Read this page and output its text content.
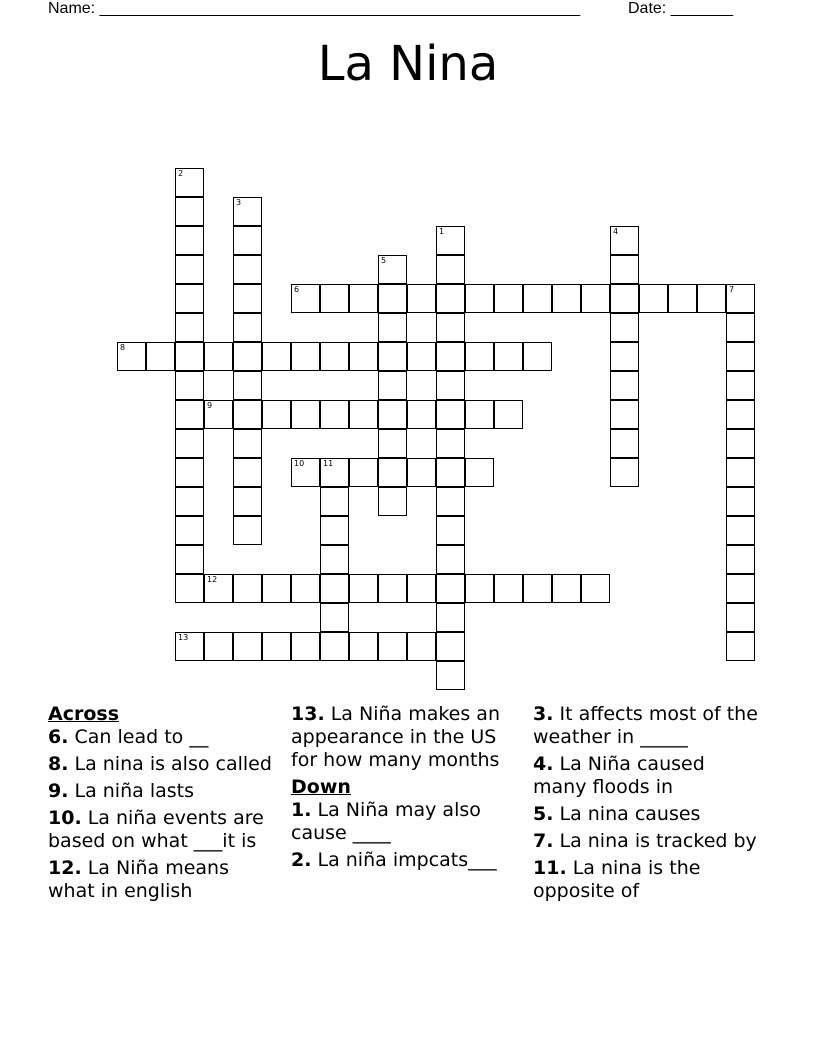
Name: ______________________________________________________	Date: _______
La Nina
1
2
3
4
5
6	7
8
9
10 11
12
13

Across

6. Can lead to __

8. La nina is also called

9. La niña lasts

10. La niña events are based on what ___it is

12. La Niña means what in english

13. La Niña makes an appearance in the US for how many months

Down

1. La Niña may also cause ____

2. La niña impcats___

3. It affects most of the weather in _____

4. La Niña caused many floods in

5. La nina causes

7. La nina is tracked by

11. La nina is the opposite of
